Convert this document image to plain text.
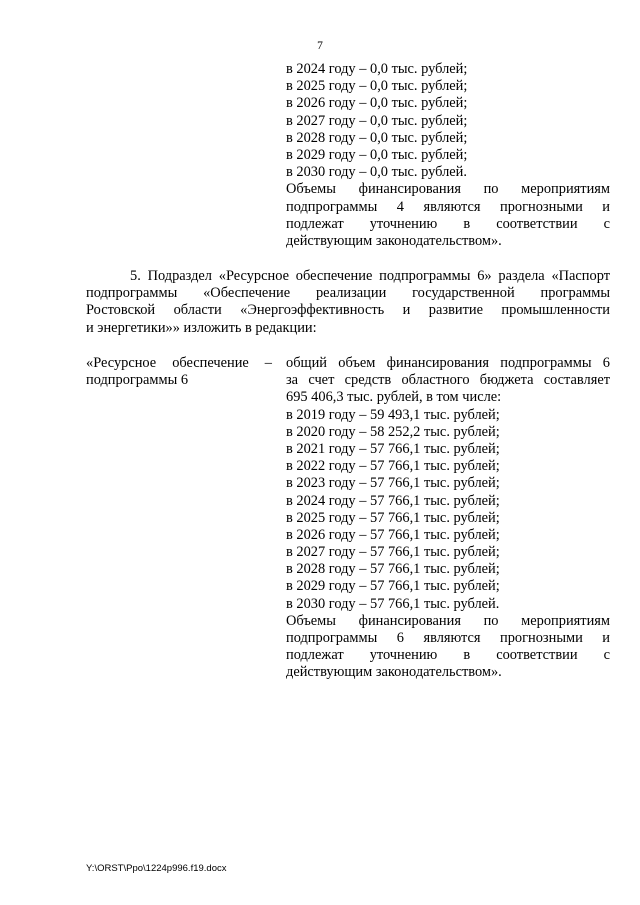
7
в 2024 году – 0,0 тыс. рублей;
в 2025 году – 0,0 тыс. рублей;
в 2026 году – 0,0 тыс. рублей;
в 2027 году – 0,0 тыс. рублей;
в 2028 году – 0,0 тыс. рублей;
в 2029 году – 0,0 тыс. рублей;
в 2030 году – 0,0 тыс. рублей.
Объемы финансирования по мероприятиям
подпрограммы 4 являются прогнозными и
подлежат уточнению в соответствии с
действующим законодательством».
5. Подраздел «Ресурсное обеспечение подпрограммы 6» раздела «Паспорт
подпрограммы «Обеспечение реализации государственной программы
Ростовской области «Энергоэффективность и развитие промышленности
и энергетики»» изложить в редакции:
«Ресурсное обеспечение –
подпрограммы 6
общий объем финансирования подпрограммы 6
за счет средств областного бюджета составляет
695 406,3 тыс. рублей, в том числе:
в 2019 году – 59 493,1 тыс. рублей;
в 2020 году – 58 252,2 тыс. рублей;
в 2021 году – 57 766,1 тыс. рублей;
в 2022 году – 57 766,1 тыс. рублей;
в 2023 году – 57 766,1 тыс. рублей;
в 2024 году – 57 766,1 тыс. рублей;
в 2025 году – 57 766,1 тыс. рублей;
в 2026 году – 57 766,1 тыс. рублей;
в 2027 году – 57 766,1 тыс. рублей;
в 2028 году – 57 766,1 тыс. рублей;
в 2029 году – 57 766,1 тыс. рублей;
в 2030 году – 57 766,1 тыс. рублей.
Объемы финансирования по мероприятиям
подпрограммы 6 являются прогнозными и
подлежат уточнению в соответствии с
действующим законодательством».
Y:\ORST\Ppo\1224p996.f19.docx
